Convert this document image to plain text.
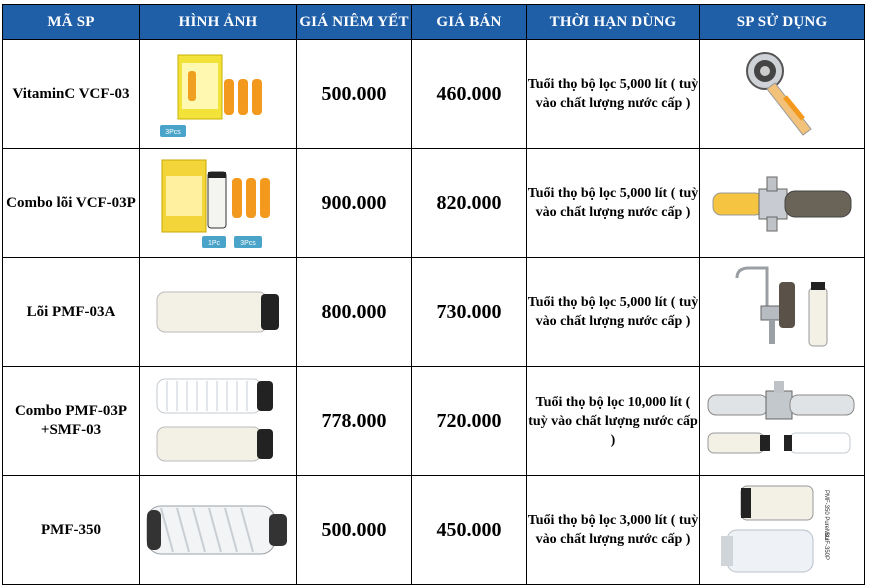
MÃ SP	HÌNH ẢNH	GIÁ NIÊM YẾT	GIÁ BÁN	THỜI HẠN DÙNG	SP SỬ DỤNG
VitaminC VCF-03	3Pcs	500.000	460.000	Tuổi thọ bộ lọc 5,000 lít ( tuỳ vào chất lượng nước cấp )	

Combo lõi VCF-03P	1Pc 3Pcs	900.000	820.000	Tuổi thọ bộ lọc 5,000 lít ( tuỳ vào chất lượng nước cấp )	

Lõi PMF-03A		800.000	730.000	Tuổi thọ bộ lọc 5,000 lít ( tuỳ vào chất lượng nước cấp )	

Combo PMF-03P +SMF-03		778.000	720.000	Tuổi thọ bộ lọc 10,000 lít ( tuỳ vào chất lượng nước cấp )	

PMF-350		500.000	450.000	Tuổi thọ bộ lọc 3,000 lít ( tuỳ vào chất lượng nước cấp )	PMF-350 PureMax
SUF-350P
